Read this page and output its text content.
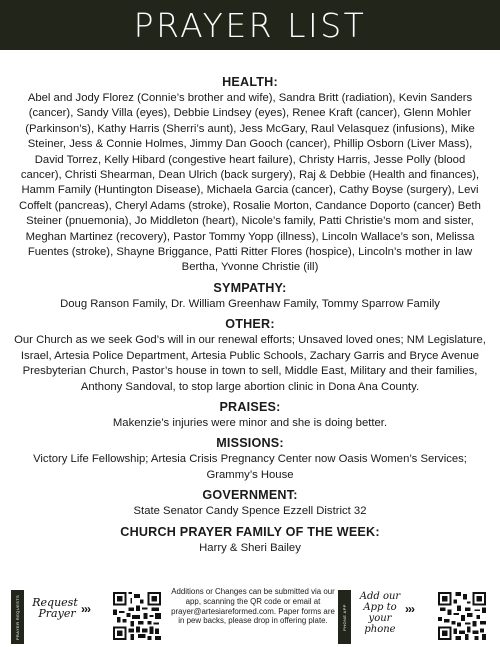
PRAYER LIST
HEALTH:

Abel and Jody Florez (Connie’s brother and wife), Sandra Britt (radiation), Kevin Sanders (cancer), Sandy Villa (eyes), Debbie Lindsey (eyes), Renee Kraft (cancer), Glenn Mohler (Parkinson’s), Kathy Harris (Sherri’s aunt), Jess McGary, Raul Velasquez (infusions), Mike Steiner, Jess & Connie Holmes, Jimmy Dan Gooch (cancer), Phillip Osborn (Liver Mass), David Torrez, Kelly Hibard (congestive heart failure), Christy Harris, Jesse Polly (blood cancer), Christi Shearman, Dean Ulrich (back surgery), Raj & Debbie (Health and finances), Hamm Family (Huntington Disease), Michaela Garcia (cancer), Cathy Boyse (surgery), Levi Coffelt (pancreas), Cheryl Adams (stroke), Rosalie Morton, Candance Doporto (cancer) Beth Steiner (pnuemonia), Jo Middleton (heart), Nicole’s family, Patti Christie’s mom and sister, Meghan Martinez (recovery), Pastor Tommy Yopp (illness), Lincoln Wallace’s son, Melissa Fuentes (stroke), Shayne Briggance, Patti Ritter Flores (hospice), Lincoln’s mother in law Bertha, Yvonne Christie (ill)

SYMPATHY:

Doug Ranson Family, Dr. William Greenhaw Family, Tommy Sparrow Family

OTHER:

Our Church as we seek God’s will in our renewal efforts; Unsaved loved ones; NM Legislature, Israel, Artesia Police Department, Artesia Public Schools, Zachary Garris and Bryce Avenue Presbyterian Church, Pastor’s house in town to sell, Middle East, Military and their families, Anthony Sandoval, to stop large abortion clinic in Dona Ana County.

PRAISES:

Makenzie’s injuries were minor and she is doing better.

MISSIONS:

Victory Life Fellowship; Artesia Crisis Pregnancy Center now Oasis Women’s Services; Grammy’s House

GOVERNMENT:

State Senator Candy Spence Ezzell District 32

CHURCH PRAYER FAMILY OF THE WEEK:

Harry & Sheri Bailey

PRAYER REQUESTS Request
Prayer ›››

Additions or Changes can be submitted via our app, scanning the QR code or email at prayer@artesiareformed.com. Paper forms are in pew backs, please drop in offering plate.	PHONE APP
Add our
App to
your phone
›››
